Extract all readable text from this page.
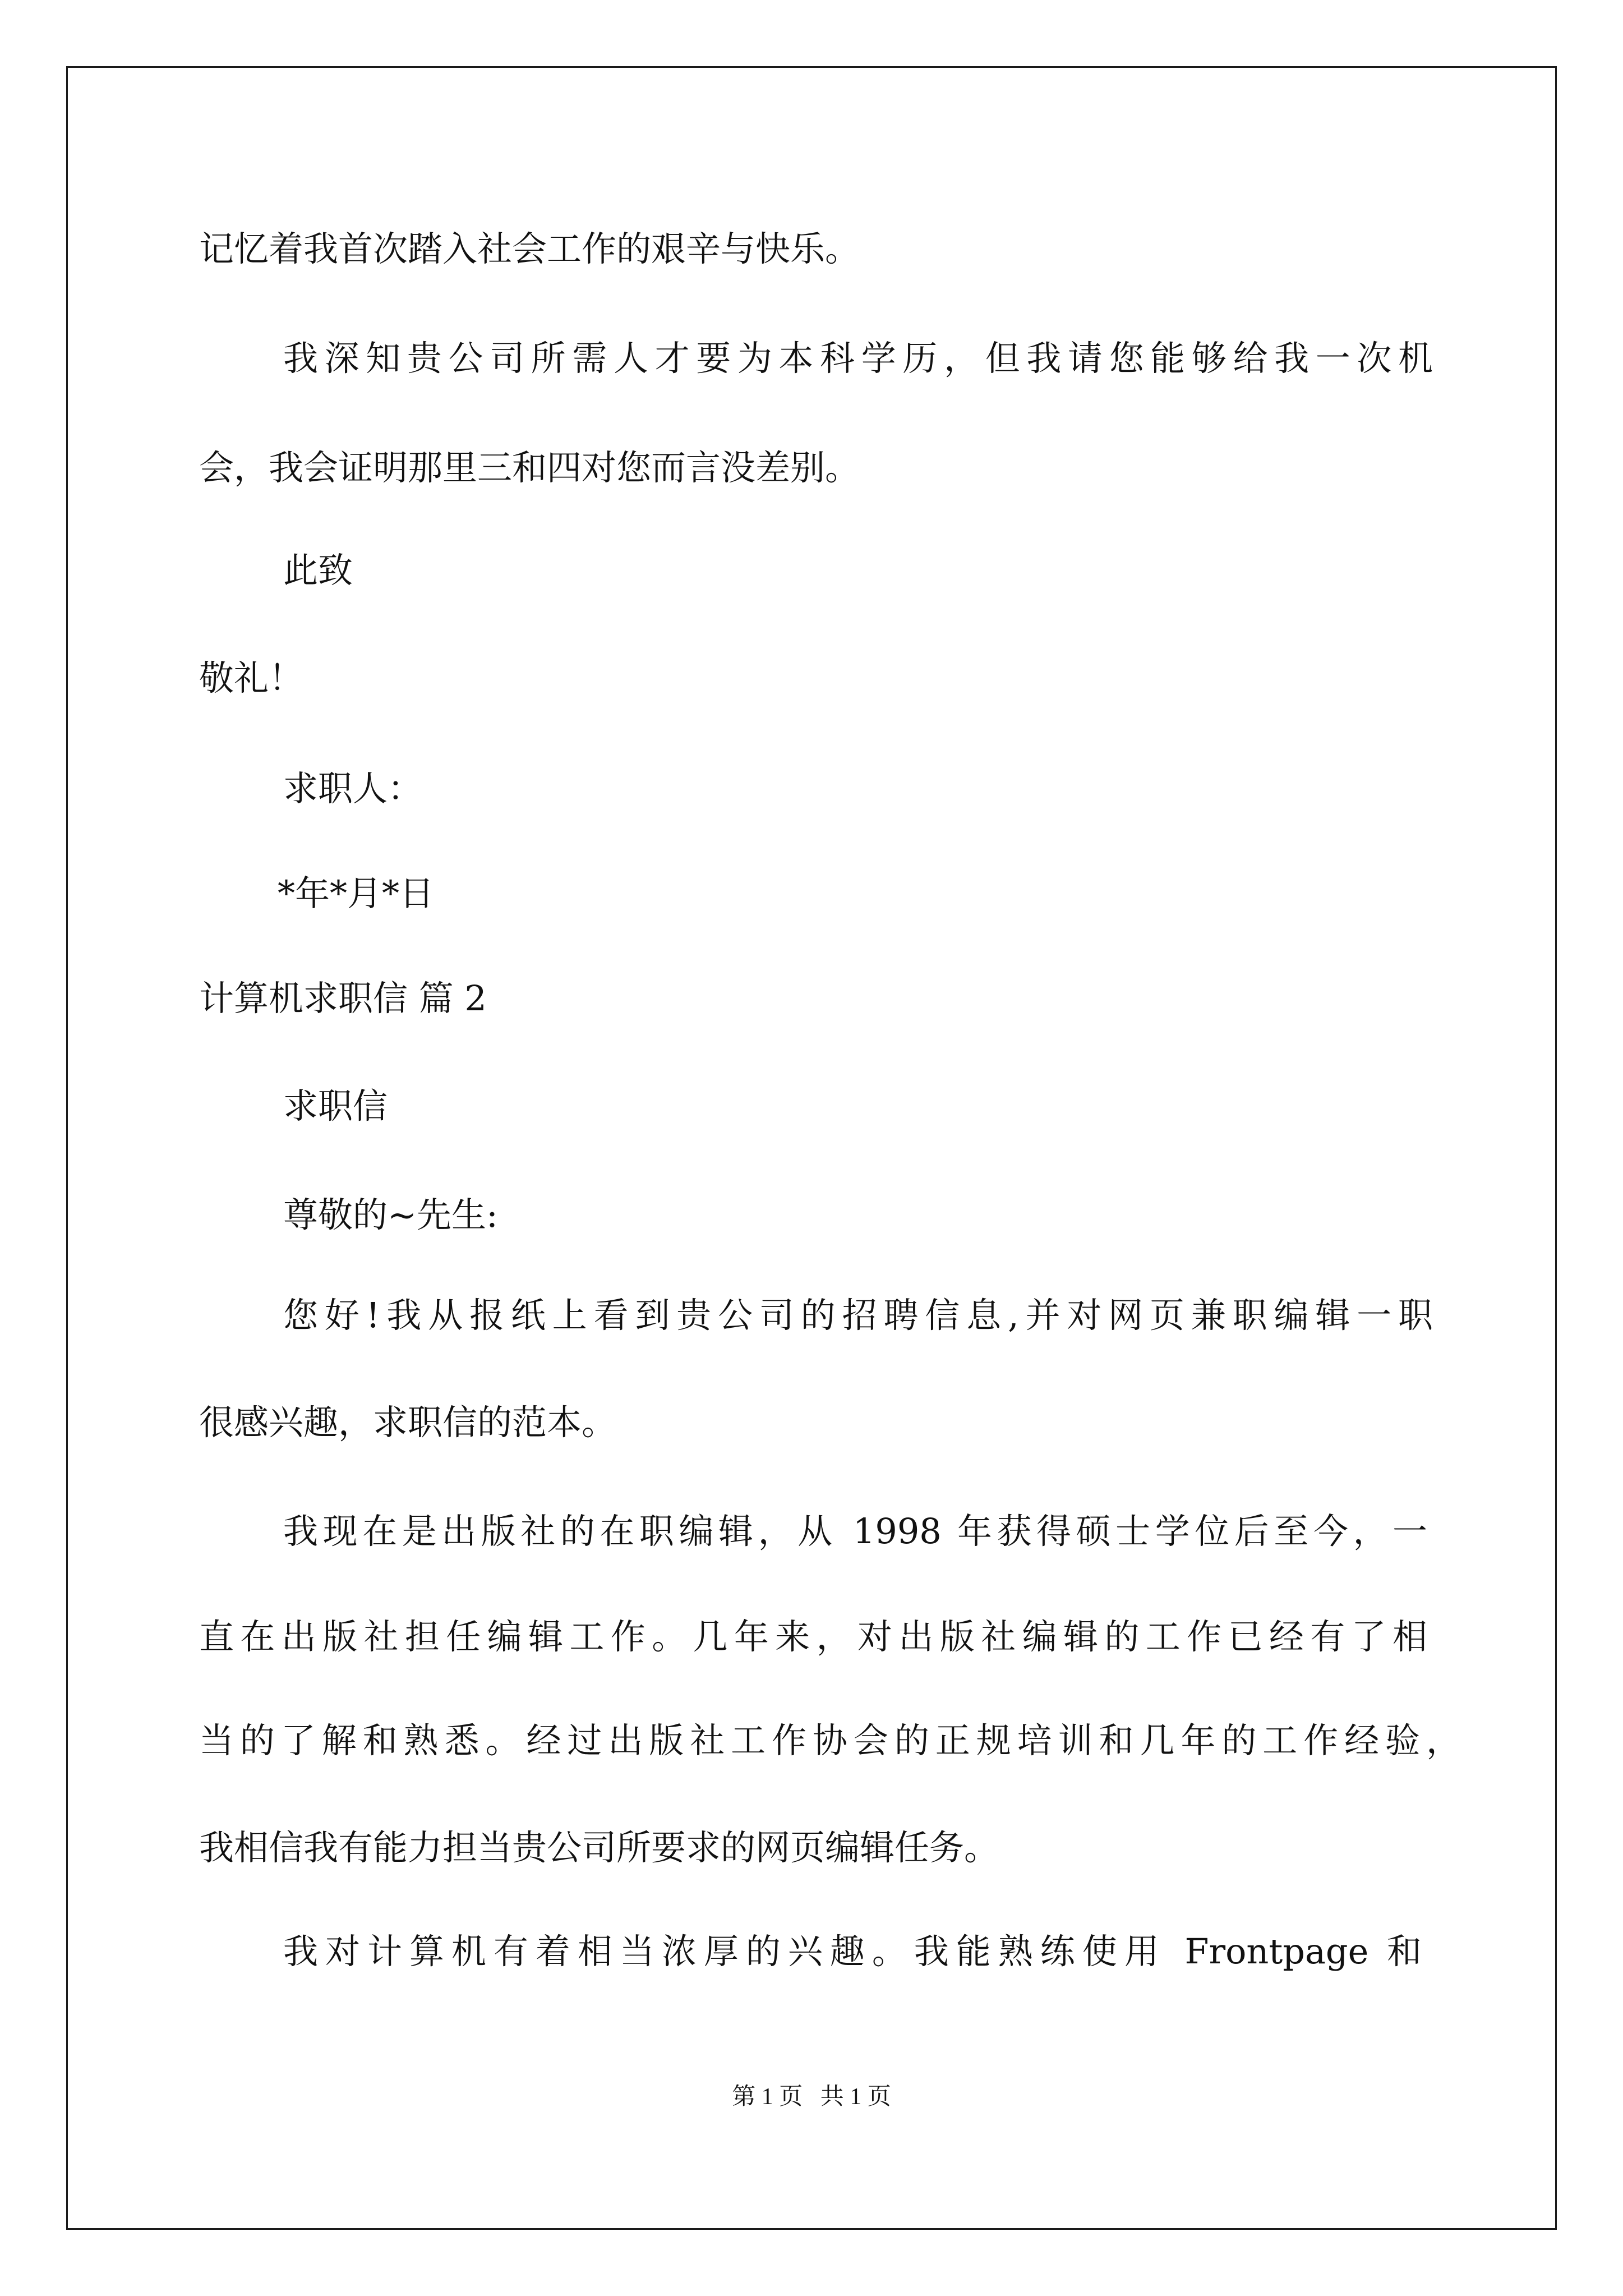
记忆着我首次踏入社会工作的艰辛与快乐。

我深知贵公司所需人才要为本科学历，但我请您能够给我一次机

会，我会证明那里三和四对您而言没差别。

此致

敬礼！

求职人：

*年*月*日

计算机求职信 篇 2

求职信

尊敬的~先生:

您好!我从报纸上看到贵公司的招聘信息,并对网页兼职编辑一职

很感兴趣，求职信的范本。

我现在是出版社的在职编辑，从 1998 年获得硕士学位后至今，一

直在出版社担任编辑工作。几年来，对出版社编辑的工作已经有了相

当的了解和熟悉。经过出版社工作协会的正规培训和几年的工作经验，

我相信我有能力担当贵公司所要求的网页编辑任务。

我对计算机有着相当浓厚的兴趣。我能熟练使用 Frontpage 和

第 1 页   共 1 页
